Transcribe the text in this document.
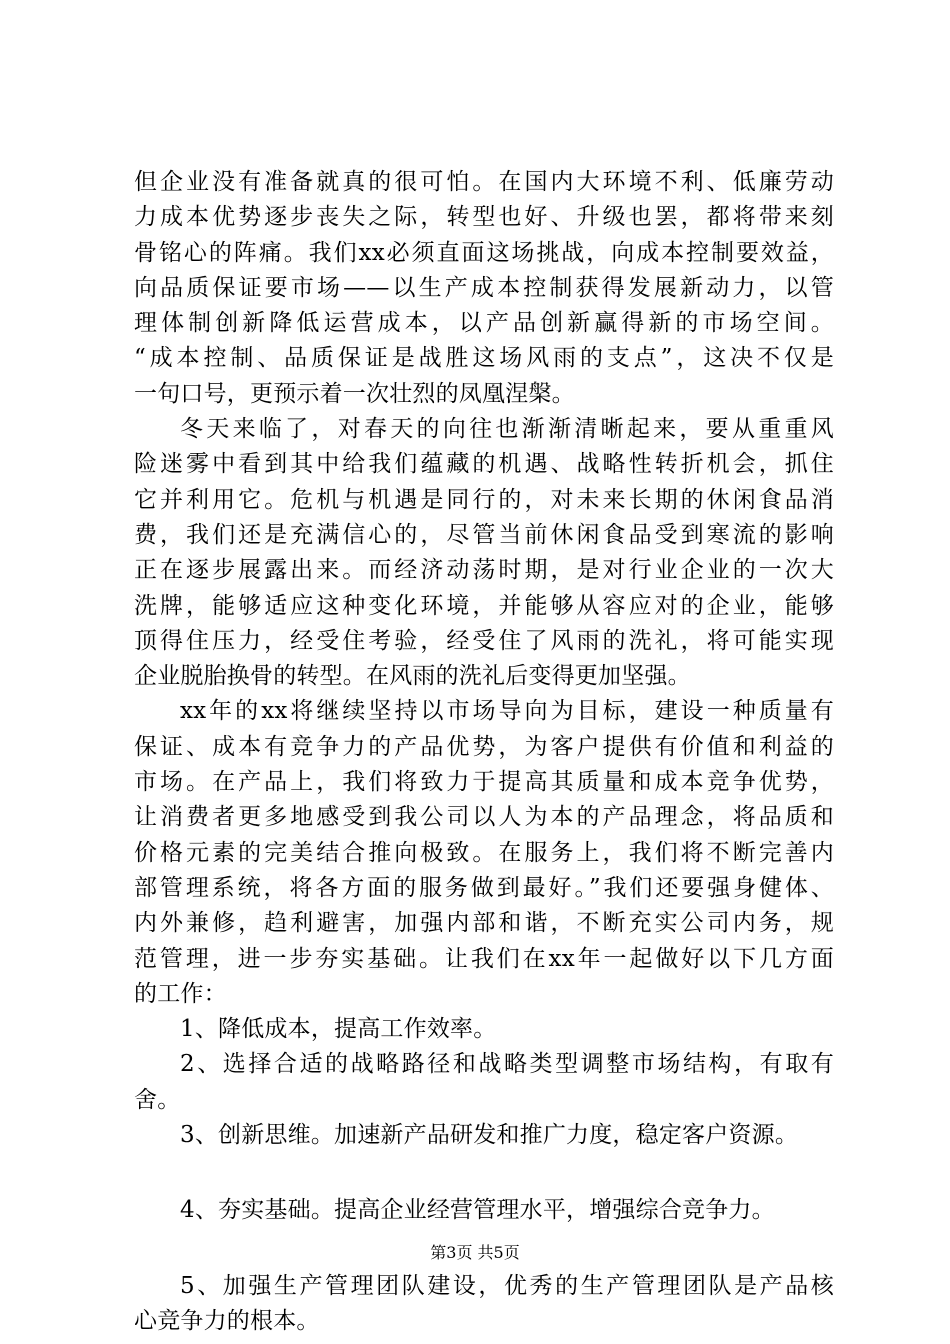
但企业没有准备就真的很可怕。在国内大环境不利、低廉劳动
力成本优势逐步丧失之际，转型也好、升级也罢，都将带来刻
骨铭心的阵痛。我们xx必须直面这场挑战，向成本控制要效益，
向品质保证要市场——以生产成本控制获得发展新动力，以管
理体制创新降低运营成本，以产品创新赢得新的市场空间。
“成本控制、品质保证是战胜这场风雨的支点”，这决不仅是
一句口号，更预示着一次壮烈的凤凰涅槃。
冬天来临了，对春天的向往也渐渐清晰起来，要从重重风
险迷雾中看到其中给我们蕴藏的机遇、战略性转折机会，抓住
它并利用它。危机与机遇是同行的，对未来长期的休闲食品消
费，我们还是充满信心的，尽管当前休闲食品受到寒流的影响
正在逐步展露出来。而经济动荡时期，是对行业企业的一次大
洗牌，能够适应这种变化环境，并能够从容应对的企业，能够
顶得住压力，经受住考验，经受住了风雨的洗礼，将可能实现
企业脱胎换骨的转型。在风雨的洗礼后变得更加坚强。
xx年的xx将继续坚持以市场导向为目标，建设一种质量有
保证、成本有竞争力的产品优势，为客户提供有价值和利益的
市场。在产品上，我们将致力于提高其质量和成本竞争优势，
让消费者更多地感受到我公司以人为本的产品理念，将品质和
价格元素的完美结合推向极致。在服务上，我们将不断完善内
部管理系统，将各方面的服务做到最好。”我们还要强身健体、
内外兼修，趋利避害，加强内部和谐，不断充实公司内务，规
范管理，进一步夯实基础。让我们在xx年一起做好以下几方面
的工作：
1、降低成本，提高工作效率。
2、选择合适的战略路径和战略类型调整市场结构，有取有
舍。
3、创新思维。加速新产品研发和推广力度，稳定客户资源。
4、夯实基础。提高企业经营管理水平，增强综合竞争力。
5、加强生产管理团队建设，优秀的生产管理团队是产品核
心竞争力的根本。
第3页 共5页
